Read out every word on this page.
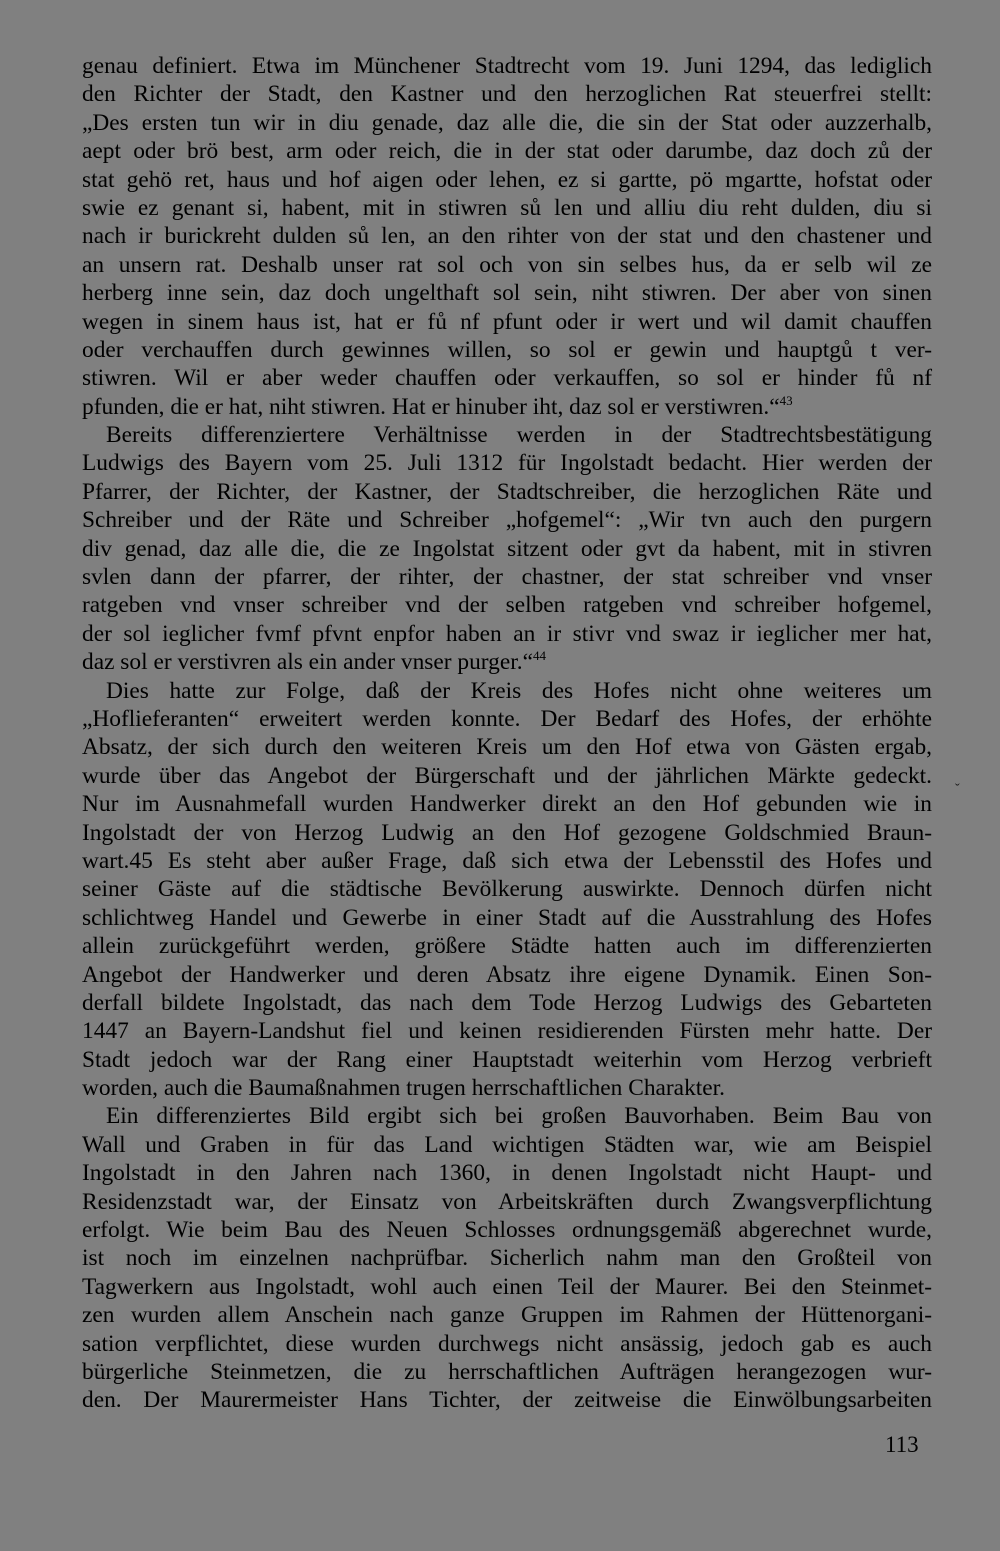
genau definiert. Etwa im Münchener Stadtrecht vom 19. Juni 1294, das lediglich
den Richter der Stadt, den Kastner und den herzoglichen Rat steuerfrei stellt:
„Des ersten tun wir in diu genade, daz alle die, die sin der Stat oder auzzerhalb,
aept oder brö best, arm oder reich, die in der stat oder darumbe, daz doch zů der
stat gehö ret, haus und hof aigen oder lehen, ez si gartte, pö mgartte, hofstat oder
swie ez genant si, habent, mit in stiwren sů len und alliu diu reht dulden, diu si
nach ir burickreht dulden sů len, an den rihter von der stat und den chastener und
an unsern rat. Deshalb unser rat sol och von sin selbes hus, da er selb wil ze
herberg inne sein, daz doch ungelthaft sol sein, niht stiwren. Der aber von sinen
wegen in sinem haus ist, hat er fů nf pfunt oder ir wert und wil damit chauffen
oder verchauffen durch gewinnes willen, so sol er gewin und hauptgů t ver-
stiwren. Wil er aber weder chauffen oder verkauffen, so sol er hinder fů nf
pfunden, die er hat, niht stiwren. Hat er hinuber iht, daz sol er verstiwren.“$^{43}$
Bereits differenziertere Verhältnisse werden in der Stadtrechtsbestätigung
Ludwigs des Bayern vom 25. Juli 1312 für Ingolstadt bedacht. Hier werden der
Pfarrer, der Richter, der Kastner, der Stadtschreiber, die herzoglichen Räte und
Schreiber und der Räte und Schreiber „hofgemel“: „Wir tvn auch den purgern
div genad, daz alle die, die ze Ingolstat sitzent oder gvt da habent, mit in stivren
svlen dann der pfarrer, der rihter, der chastner, der stat schreiber vnd vnser
ratgeben vnd vnser schreiber vnd der selben ratgeben vnd schreiber hofgemel,
der sol ieglicher fvmf pfvnt enpfor haben an ir stivr vnd swaz ir ieglicher mer hat,
daz sol er verstivren als ein ander vnser purger.“$^{44}$
Dies hatte zur Folge, daß der Kreis des Hofes nicht ohne weiteres um
„Hoflieferanten“ erweitert werden konnte. Der Bedarf des Hofes, der erhöhte
Absatz, der sich durch den weiteren Kreis um den Hof etwa von Gästen ergab,
wurde über das Angebot der Bürgerschaft und der jährlichen Märkte gedeckt.
Nur im Ausnahmefall wurden Handwerker direkt an den Hof gebunden wie in
Ingolstadt der von Herzog Ludwig an den Hof gezogene Goldschmied Braun-
wart.45 Es steht aber außer Frage, daß sich etwa der Lebensstil des Hofes und
seiner Gäste auf die städtische Bevölkerung auswirkte. Dennoch dürfen nicht
schlichtweg Handel und Gewerbe in einer Stadt auf die Ausstrahlung des Hofes
allein zurückgeführt werden, größere Städte hatten auch im differenzierten
Angebot der Handwerker und deren Absatz ihre eigene Dynamik. Einen Son-
derfall bildete Ingolstadt, das nach dem Tode Herzog Ludwigs des Gebarteten
1447 an Bayern-Landshut fiel und keinen residierenden Fürsten mehr hatte. Der
Stadt jedoch war der Rang einer Hauptstadt weiterhin vom Herzog verbrieft
worden, auch die Baumaßnahmen trugen herrschaftlichen Charakter.
Ein differenziertes Bild ergibt sich bei großen Bauvorhaben. Beim Bau von
Wall und Graben in für das Land wichtigen Städten war, wie am Beispiel
Ingolstadt in den Jahren nach 1360, in denen Ingolstadt nicht Haupt- und
Residenzstadt war, der Einsatz von Arbeitskräften durch Zwangsverpflichtung
erfolgt. Wie beim Bau des Neuen Schlosses ordnungsgemäß abgerechnet wurde,
ist noch im einzelnen nachprüfbar. Sicherlich nahm man den Großteil von
Tagwerkern aus Ingolstadt, wohl auch einen Teil der Maurer. Bei den Steinmet-
zen wurden allem Anschein nach ganze Gruppen im Rahmen der Hüttenorgani-
sation verpflichtet, diese wurden durchwegs nicht ansässig, jedoch gab es auch
bürgerliche Steinmetzen, die zu herrschaftlichen Aufträgen herangezogen wur-
den. Der Maurermeister Hans Tichter, der zeitweise die Einwölbungsarbeiten
ˇ
113
